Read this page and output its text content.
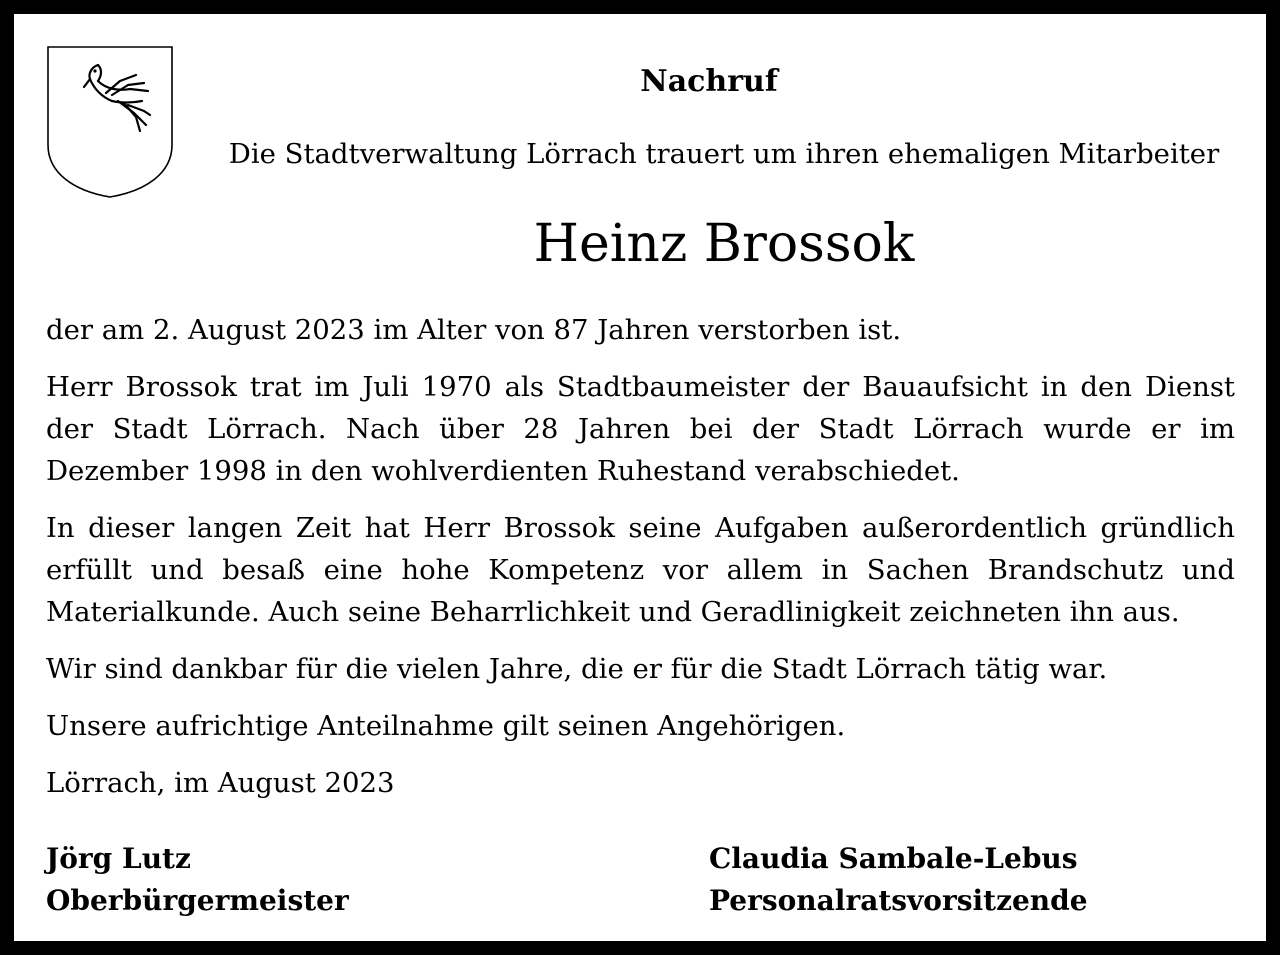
Nachruf
Die Stadtverwaltung Lörrach trauert um ihren ehemaligen Mitarbeiter
Heinz Brossok

der am 2. August 2023 im Alter von 87 Jahren verstorben ist.

Herr Brossok trat im Juli 1970 als Stadtbaumeister der Bauaufsicht in den Dienst der Stadt Lörrach. Nach über 28 Jahren bei der Stadt Lörrach wurde er im Dezember 1998 in den wohlverdienten Ruhestand verabschiedet.

In dieser langen Zeit hat Herr Brossok seine Aufgaben außerordentlich gründlich erfüllt und besaß eine hohe Kompetenz vor allem in Sachen Brandschutz und Materialkunde. Auch seine Beharrlichkeit und Geradlinigkeit zeichneten ihn aus.

Wir sind dankbar für die vielen Jahre, die er für die Stadt Lörrach tätig war.

Unsere aufrichtige Anteilnahme gilt seinen Angehörigen.

Lörrach, im August 2023

Jörg Lutz
Oberbürgermeister
Claudia Sambale-Lebus
Personalratsvorsitzende
